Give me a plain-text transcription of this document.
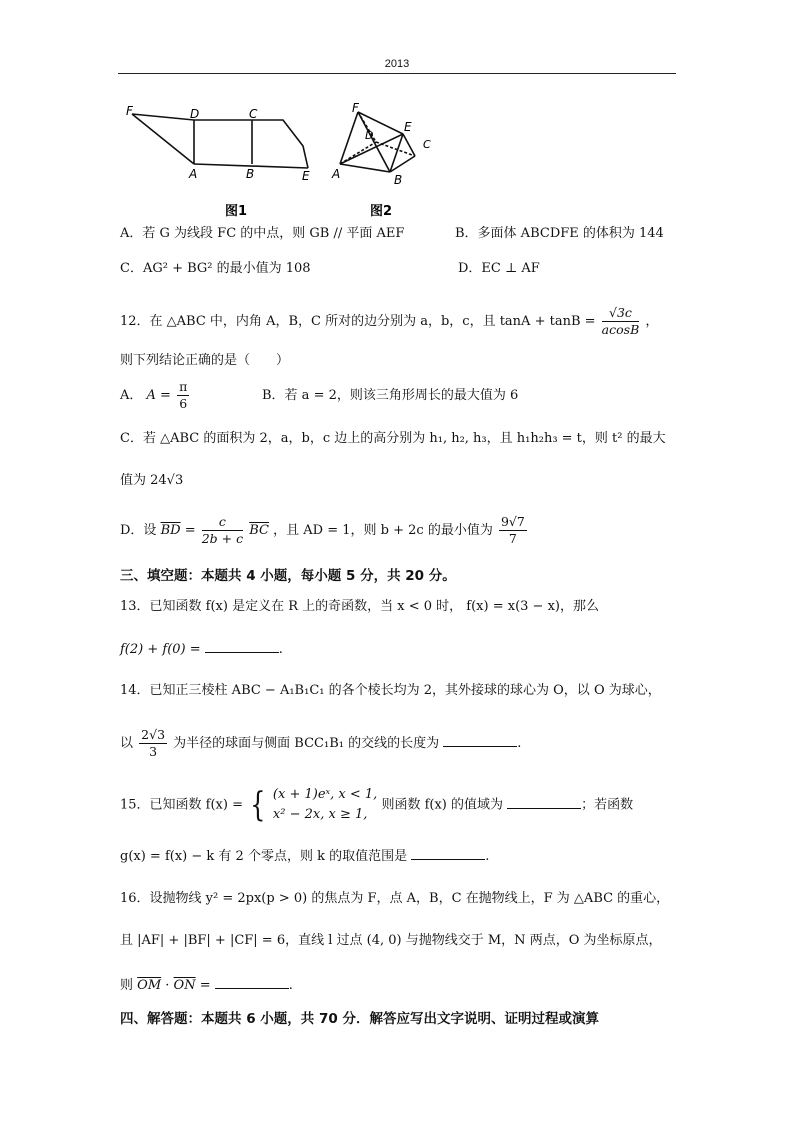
2013
F	D	C
A	B	E
图1
F
D
E
C
A	B
图2
A．若 G 为线段 FC 的中点，则 GB // 平面 AEF	B．多面体 ABCDFE 的体积为 144
C．AG² + BG² 的最小值为 108	D．EC ⊥ AF
12．在 △ABC 中，内角 A，B，C 所对的边分别为 a，b，c，且 $\tan A + \tan B = \frac{√3c}{acosB}$ ，
则下列结论正确的是（　　）
A． $A = \frac{\pi}{6}$	B．若 a = 2，则该三角形周长的最大值为 6
C．若 △ABC 的面积为 2，a，b，c 边上的高分别为 h₁, h₂, h₃，且 h₁h₂h₃ = t，则 t² 的最大
值为 24√3
D．设 $\overline{BD} = \frac{c}{2b + c} \overline{BC}$ ，且 AD = 1，则 b + 2c 的最小值为 $\frac{9√7}{7}$
三、填空题：本题共 4 小题，每小题 5 分，共 20 分。
13．已知函数 f(x) 是定义在 R 上的奇函数，当 x < 0 时， f(x) = x(3 − x)，那么
f(2) + f(0) =	.
14．已知正三棱柱 ABC − A₁B₁C₁ 的各个棱长均为 2，其外接球的球心为 O，以 O 为球心，
以 $\frac{2√3}{3}$ 为半径的球面与侧面 BCC₁B₁ 的交线的长度为	.
15．已知函数 f(x) = { (x + 1)eˣ, x < 1,
x² − 2x, x ≥ 1,
则函数 f(x) 的值域为	；若函数
g(x) = f(x) − k 有 2 个零点，则 k 的取值范围是	.
16．设抛物线 y² = 2px(p > 0) 的焦点为 F，点 A，B，C 在抛物线上，F 为 △ABC 的重心，
且 |AF| + |BF| + |CF| = 6，直线 l 过点 (4, 0) 与抛物线交于 M，N 两点，O 为坐标原点，
则 $\overline{OM} \cdot \overline{ON}$ =	.
四、解答题：本题共 6 小题，共 70 分．解答应写出文字说明、证明过程或演算
